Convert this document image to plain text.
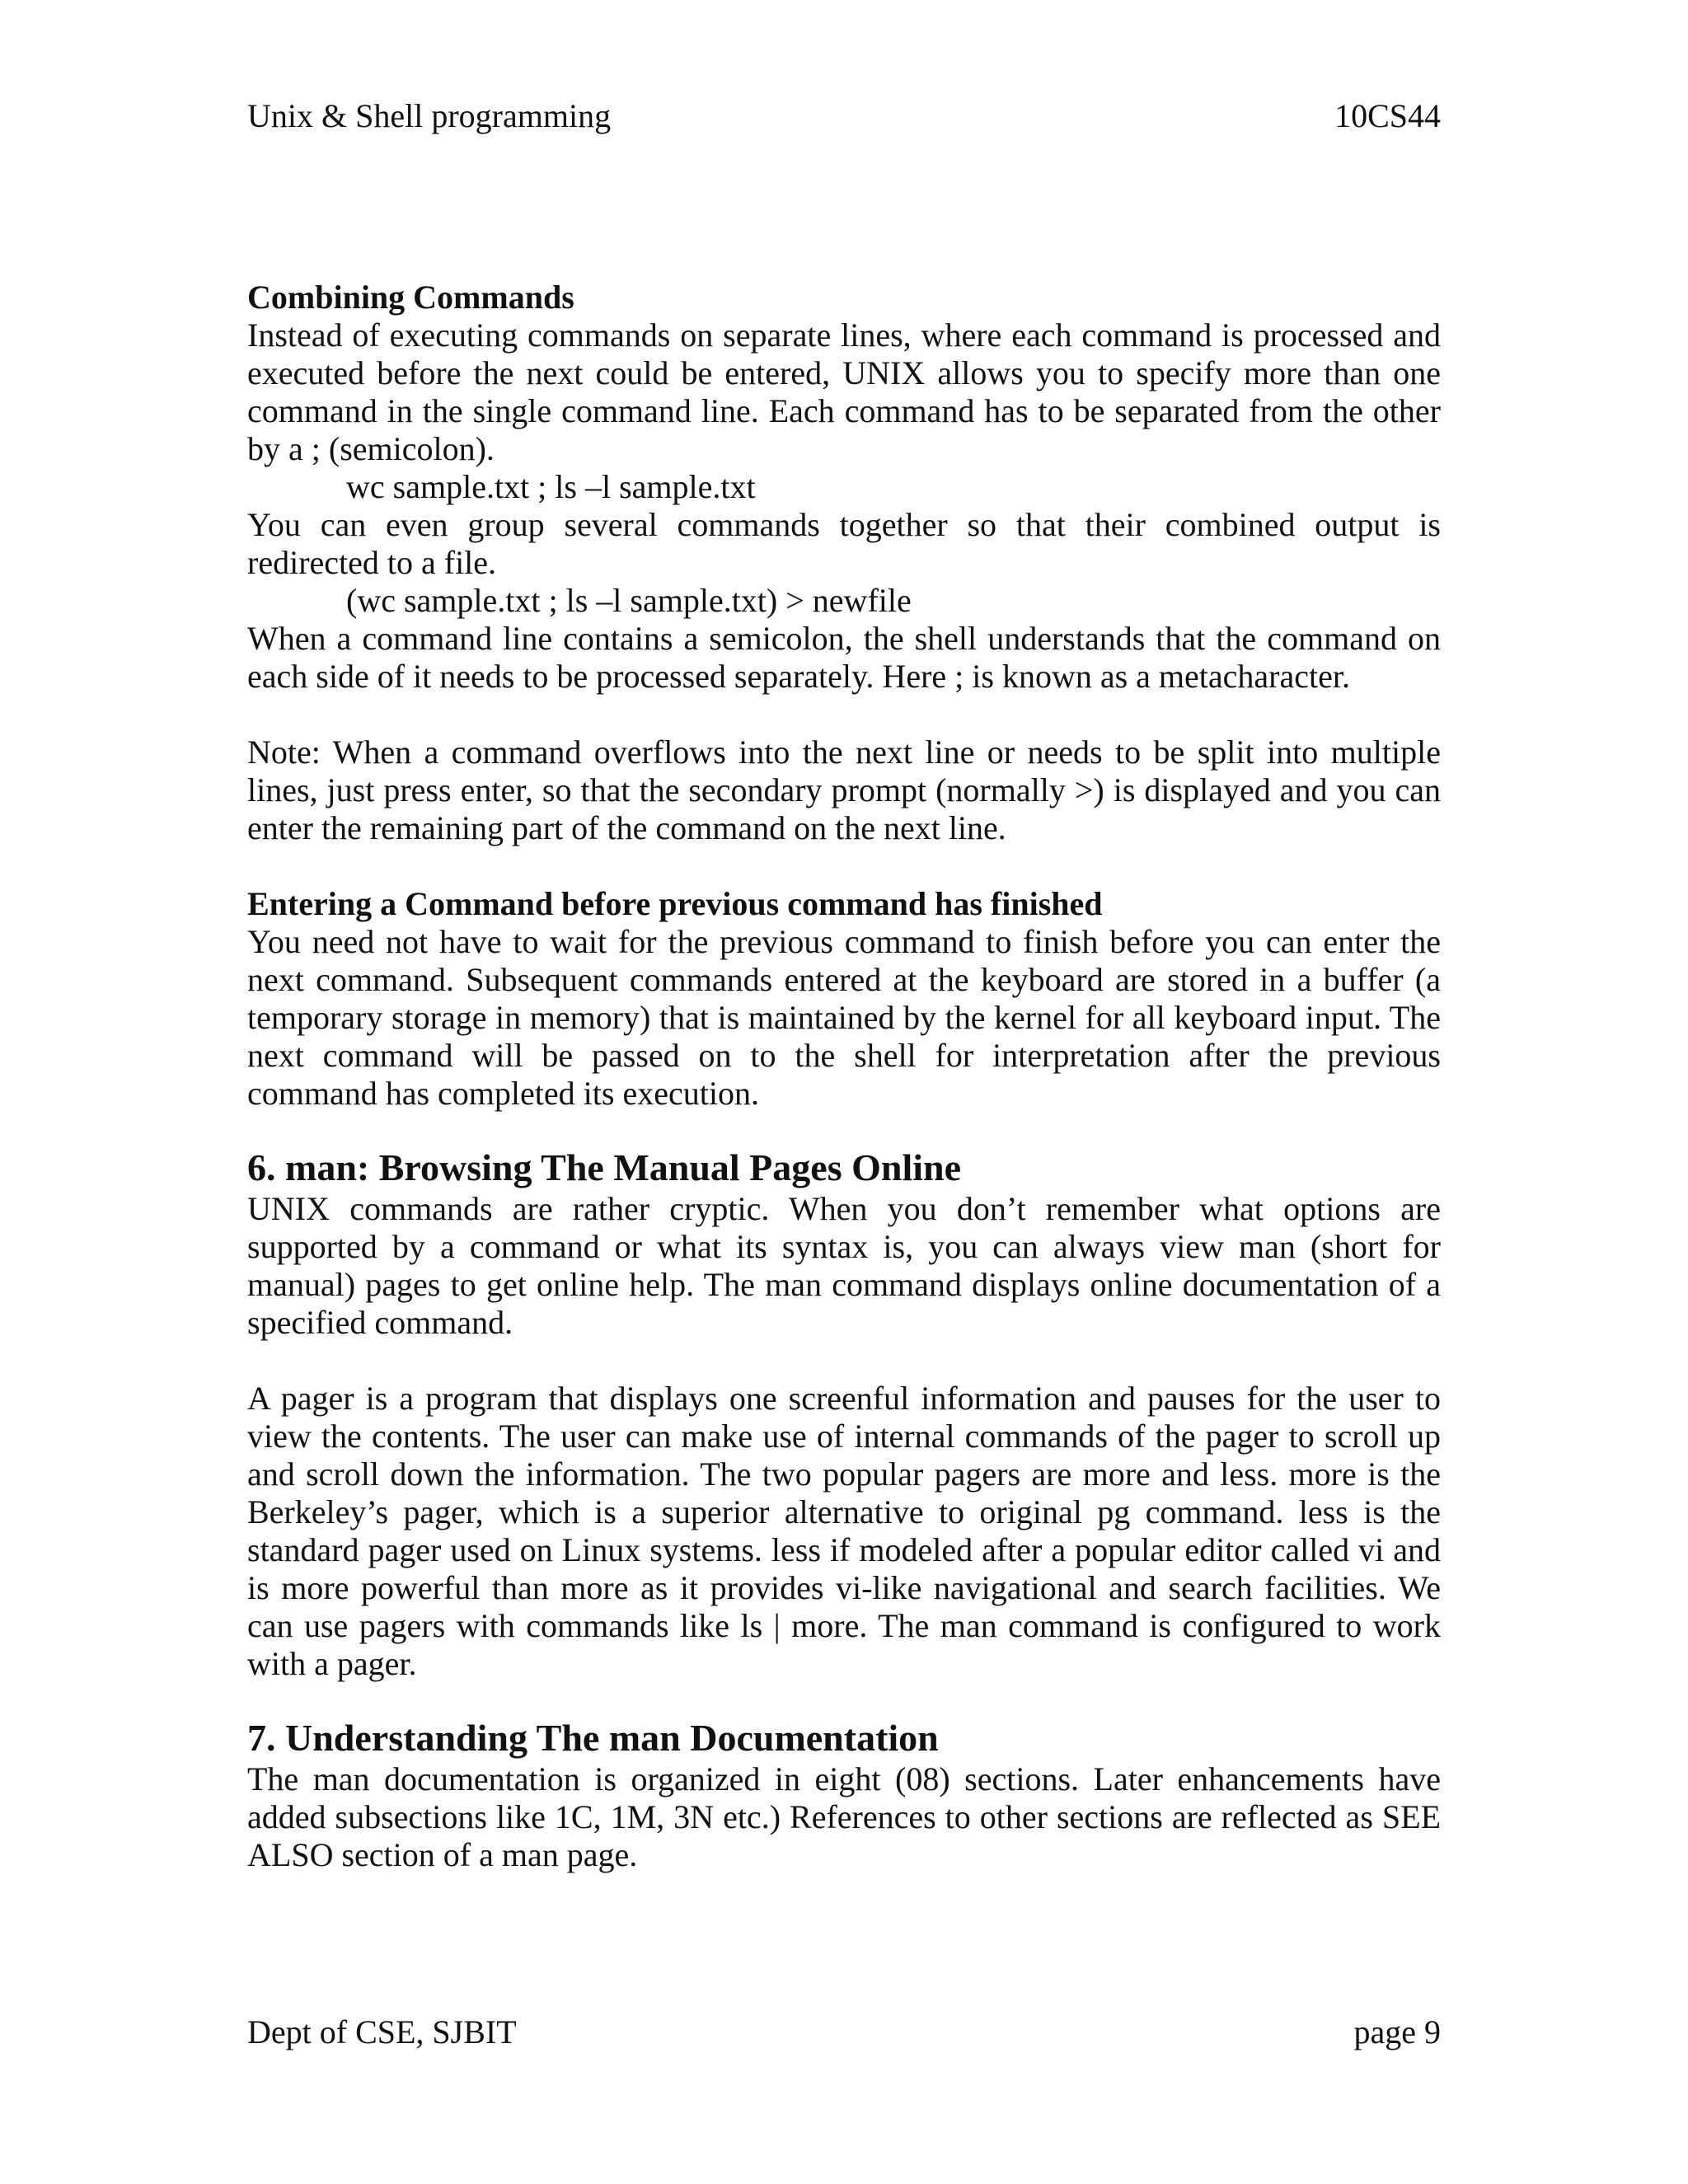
Unix & Shell programming	10CS44
Combining Commands

Instead of executing commands on separate lines, where each command is processed and executed before the next could be entered, UNIX allows you to specify more than one command in the single command line. Each command has to be separated from the other by a ; (semicolon).

wc sample.txt ; ls –l sample.txt

You can even group several commands together so that their combined output is redirected to a file.

(wc sample.txt ; ls –l sample.txt) > newfile

When a command line contains a semicolon, the shell understands that the command on each side of it needs to be processed separately. Here ; is known as a metacharacter.

Note: When a command overflows into the next line or needs to be split into multiple lines, just press enter, so that the secondary prompt (normally >) is displayed and you can enter the remaining part of the command on the next line.

Entering a Command before previous command has finished

You need not have to wait for the previous command to finish before you can enter the next command. Subsequent commands entered at the keyboard are stored in a buffer (a temporary storage in memory) that is maintained by the kernel for all keyboard input. The next command will be passed on to the shell for interpretation after the previous command has completed its execution.

6. man: Browsing The Manual Pages Online

UNIX commands are rather cryptic. When you don’t remember what options are supported by a command or what its syntax is, you can always view man (short for manual) pages to get online help. The man command displays online documentation of a specified command.

A pager is a program that displays one screenful information and pauses for the user to view the contents. The user can make use of internal commands of the pager to scroll up and scroll down the information. The two popular pagers are more and less. more is the Berkeley’s pager, which is a superior alternative to original pg command. less is the standard pager used on Linux systems. less if modeled after a popular editor called vi and is more powerful than more as it provides vi-like navigational and search facilities. We can use pagers with commands like ls | more. The man command is configured to work with a pager.

7. Understanding The man Documentation

The man documentation is organized in eight (08) sections. Later enhancements have added subsections like 1C, 1M, 3N etc.) References to other sections are reflected as SEE ALSO section of a man page.

Dept of CSE, SJBIT	page 9
